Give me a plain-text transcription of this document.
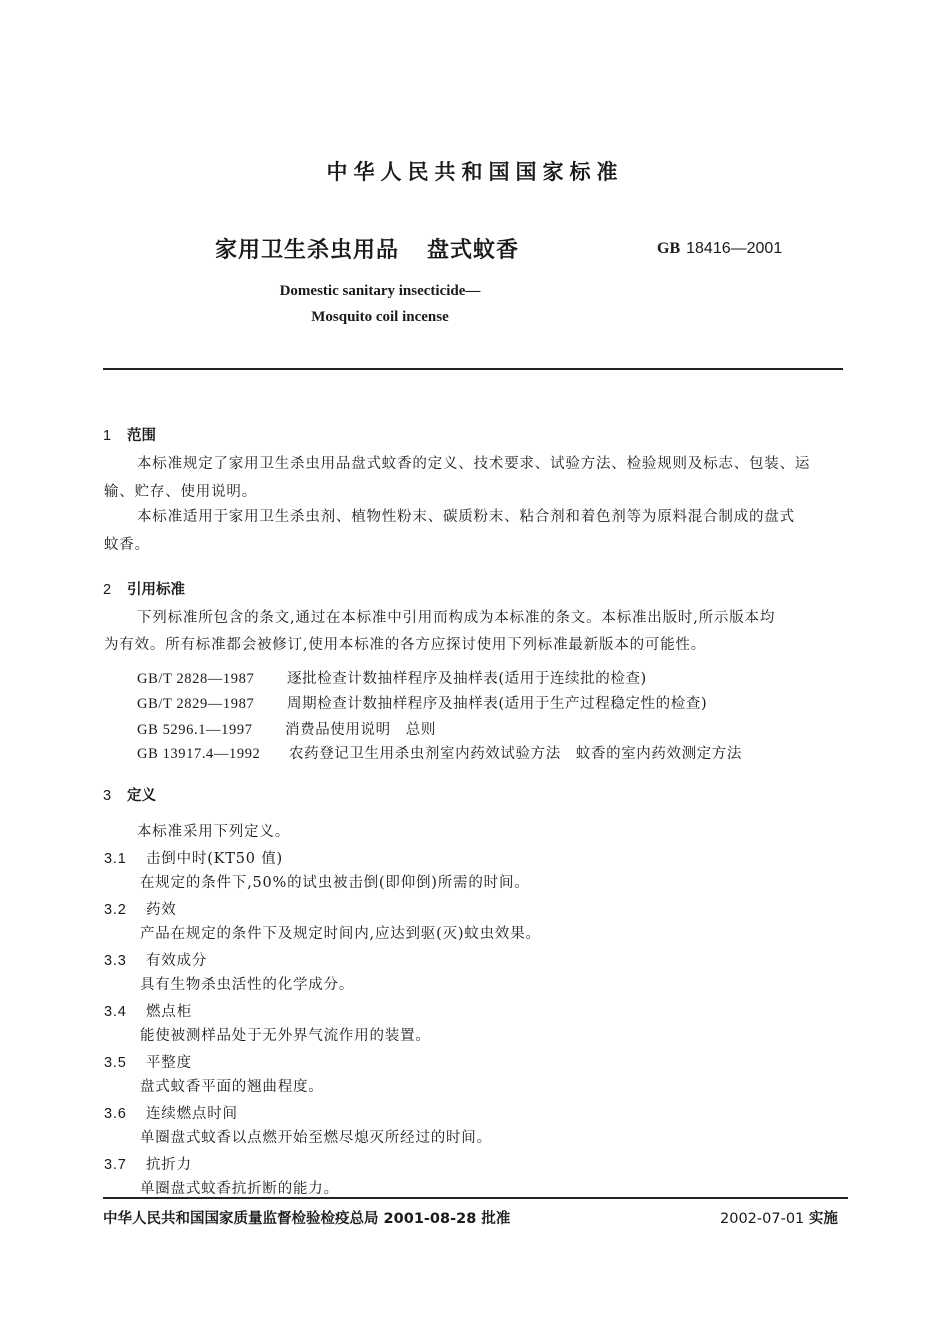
中华人民共和国国家标准
家用卫生杀虫用品 盘式蚊香	GB 18416—2001
Domestic sanitary insecticide—
Mosquito coil incense
1 范围
本标准规定了家用卫生杀虫用品盘式蚊香的定义、技术要求、试验方法、检验规则及标志、包装、运
输、贮存、使用说明。
本标准适用于家用卫生杀虫剂、植物性粉末、碳质粉末、粘合剂和着色剂等为原料混合制成的盘式
蚊香。
2 引用标准
下列标准所包含的条文,通过在本标准中引用而构成为本标准的条文。本标准出版时,所示版本均
为有效。所有标准都会被修订,使用本标准的各方应探讨使用下列标准最新版本的可能性。
GB/T 2828—1987 逐批检查计数抽样程序及抽样表(适用于连续批的检查)
GB/T 2829—1987 周期检查计数抽样程序及抽样表(适用于生产过程稳定性的检查)
GB 5296.1—1997 消费品使用说明　总则
GB 13917.4—1992 农药登记卫生用杀虫剂室内药效试验方法　蚊香的室内药效测定方法
3 定义
本标准采用下列定义。
3.1 击倒中时(KT50 值)
在规定的条件下,50%的试虫被击倒(即仰倒)所需的时间。
3.2 药效
产品在规定的条件下及规定时间内,应达到驱(灭)蚊虫效果。
3.3 有效成分
具有生物杀虫活性的化学成分。
3.4 燃点柜
能使被测样品处于无外界气流作用的装置。
3.5 平整度
盘式蚊香平面的翘曲程度。
3.6 连续燃点时间
单圈盘式蚊香以点燃开始至燃尽熄灭所经过的时间。
3.7 抗折力
单圈盘式蚊香抗折断的能力。
中华人民共和国国家质量监督检验检疫总局 2001-08-28 批准	2002-07-01 实施
